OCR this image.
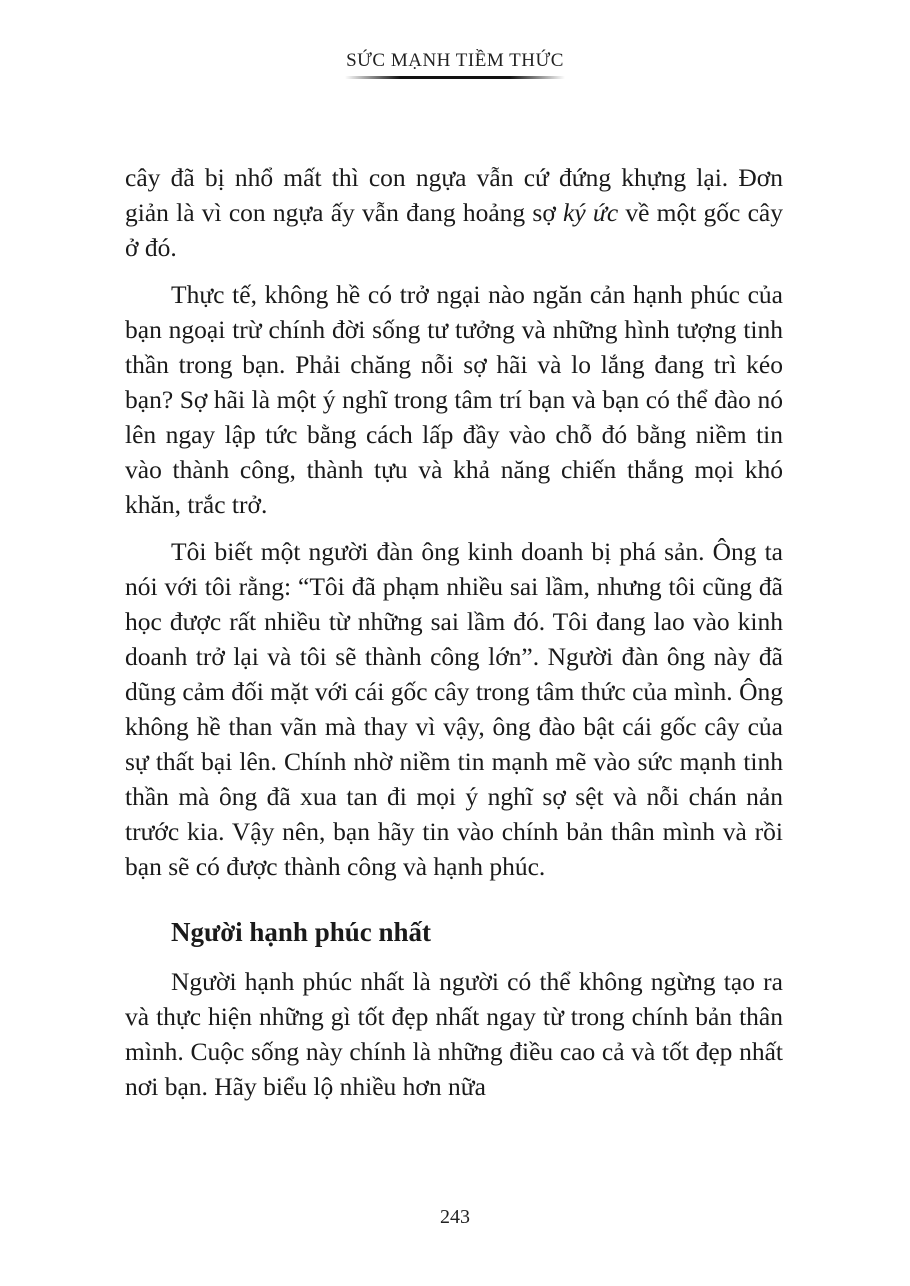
SỨC MẠNH TIỀM THỨC

cây đã bị nhổ mất thì con ngựa vẫn cứ đứng khựng lại. Đơn giản là vì con ngựa ấy vẫn đang hoảng sợ ký ức về một gốc cây ở đó.

Thực tế, không hề có trở ngại nào ngăn cản hạnh phúc của bạn ngoại trừ chính đời sống tư tưởng và những hình tượng tinh thần trong bạn. Phải chăng nỗi sợ hãi và lo lắng đang trì kéo bạn? Sợ hãi là một ý nghĩ trong tâm trí bạn và bạn có thể đào nó lên ngay lập tức bằng cách lấp đầy vào chỗ đó bằng niềm tin vào thành công, thành tựu và khả năng chiến thắng mọi khó khăn, trắc trở.

Tôi biết một người đàn ông kinh doanh bị phá sản. Ông ta nói với tôi rằng: “Tôi đã phạm nhiều sai lầm, nhưng tôi cũng đã học được rất nhiều từ những sai lầm đó. Tôi đang lao vào kinh doanh trở lại và tôi sẽ thành công lớn”. Người đàn ông này đã dũng cảm đối mặt với cái gốc cây trong tâm thức của mình. Ông không hề than vãn mà thay vì vậy, ông đào bật cái gốc cây của sự thất bại lên. Chính nhờ niềm tin mạnh mẽ vào sức mạnh tinh thần mà ông đã xua tan đi mọi ý nghĩ sợ sệt và nỗi chán nản trước kia. Vậy nên, bạn hãy tin vào chính bản thân mình và rồi bạn sẽ có được thành công và hạnh phúc.

Người hạnh phúc nhất

Người hạnh phúc nhất là người có thể không ngừng tạo ra và thực hiện những gì tốt đẹp nhất ngay từ trong chính bản thân mình. Cuộc sống này chính là những điều cao cả và tốt đẹp nhất nơi bạn. Hãy biểu lộ nhiều hơn nữa

243
